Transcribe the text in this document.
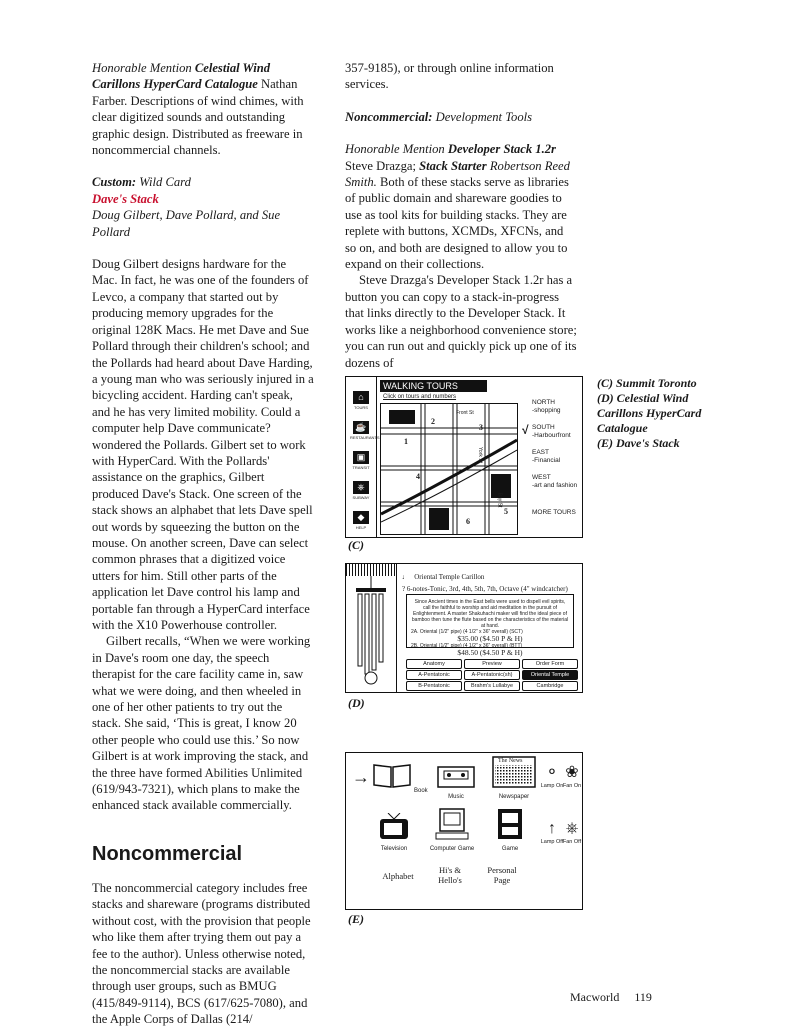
Honorable Mention Celestial Wind Carillons HyperCard Catalogue Nathan Farber. Descriptions of wind chimes, with clear digitized sounds and outstanding graphic design. Distributed as freeware in noncommercial channels.

Custom: Wild Card

Dave's Stack

Doug Gilbert, Dave Pollard, and Sue Pollard

Doug Gilbert designs hardware for the Mac. In fact, he was one of the founders of Levco, a company that started out by producing memory upgrades for the original 128K Macs. He met Dave and Sue Pollard through their children's school; and the Pollards had heard about Dave Harding, a young man who was seriously injured in a bicycling accident. Harding can't speak, and he has very limited mobility. Could a computer help Dave communicate? wondered the Pollards. Gilbert set to work with HyperCard. With the Pollards' assistance on the graphics, Gilbert produced Dave's Stack. One screen of the stack shows an alphabet that lets Dave spell out words by squeezing the button on the mouse. On another screen, Dave can select common phrases that a digitized voice utters for him. Still other parts of the application let Dave control his lamp and portable fan through a HyperCard interface with the X10 Powerhouse controller.

Gilbert recalls, “When we were working in Dave's room one day, the speech therapist for the care facility came in, saw what we were doing, and then wheeled in one of her other patients to try out the stack. She said, ‘This is great, I know 20 other people who could use this.’ So now Gilbert is at work improving the stack, and the three have formed Abilities Unlimited (619/943-7321), which plans to make the enhanced stack available commercially.

Noncommercial

The noncommercial category includes free stacks and shareware (programs distributed without cost, with the provision that people who like them after trying them out pay a fee to the author). Unless otherwise noted, the noncommercial stacks are available through user groups, such as BMUG (415/849-9114), BCS (617/625-7080), and the Apple Corps of Dallas (214/

357-9185), or through online information services.

Noncommercial: Development Tools

Honorable Mention Developer Stack 1.2r Steve Drazga; Stack Starter Robertson Reed Smith. Both of these stacks serve as libraries of public domain and shareware goodies to use as tool kits for building stacks. They are replete with buttons, XCMDs, XFCNs, and so on, and both are designed to allow you to expand on their collections.

Steve Drazga's Developer Stack 1.2r has a button you can copy to a stack-in-progress that links directly to the Developer Stack. It works like a neighborhood convenience store; you can run out and quickly pick up one of its dozens of

⌂
TOURS
☕
RESTAURANTS
▣
TRANSIT
⎈
SUBWAY
◆
HELP
WALKING TOURS
Click on tours and numbers
Front St
York St
Bay St
1
2
3
4
5
6
NORTH
-shopping
√ SOUTH
-Harbourfront
EAST
-Financial
WEST
-art and fashion
MORE TOURS
(C)
♩ Oriental Temple Carillon
? 6-notes-Tonic, 3rd, 4th, 5th, 7th, Octave (4" windcatcher)
Since Ancient times in the East bells were used to dispell evil spirits, call the faithful to worship and aid meditation in the pursuit of Enlightenment. A master Shakuhachi maker will find the ideal piece of bamboo then tune the flute based on the characteristics of the material at hand.
2A. Oriental (1/2" pipe) (4 1/2" x 36" overall) (SCT)
$35.00 ($4.50 P & H)
2B. Oriental (1/2" pipe) (4 1/2" x 36" overall) (BTT)
$48.50 ($4.50 P & H)
Anatomy	Preview	Order Form
A-Pentatonic	A-Pentatonic(sh)	Oriental Temple
B-Pentatonic	Brahm's Lullabye	Cambridge
(D)
→
Book
Music

The News
Newspaper
⚬
Lamp On
❀
Fan On
Television	Computer Game	Game
↑
Lamp Off
⎈
Fan Off
Alphabet
Hi's & Hello's
Personal Page
(E)
(C) Summit Toronto
(D) Celestial Wind Carillons HyperCard Catalogue
(E) Dave's Stack
Macworld 119
